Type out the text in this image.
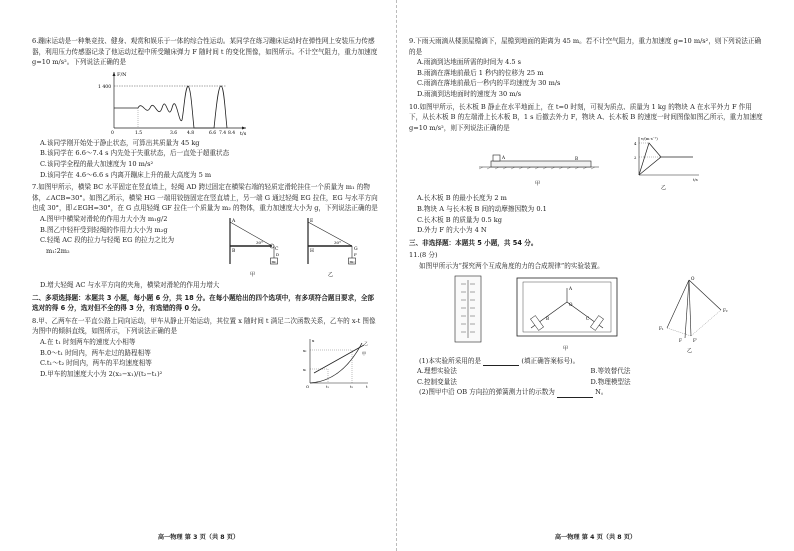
6.蹦床运动是一种集竞技、健身、观赏和娱乐于一体的综合性运动。某同学在练习蹦床运动时在弹性网上安装压力传感器，利用压力传感器记录了他运动过程中所受蹦床弹力 F 随时间 t 的变化图像，如图所示。不计空气阻力，重力加速度 g=10 m/s²。下列说法正确的是

F/N
t/s
1 400
0	1.5	3.6 4.8	6.6 7.4 8.4

A.该同学刚开始处于静止状态，可算出其质量为 45 kg

B.该同学在 6.6～7.4 s 内先处于失重状态，后一直处于超重状态

C.该同学全程的最大加速度为 10 m/s²

D.该同学在 4.6～6.6 s 内离开蹦床上升的最大高度为 5 m

7.如图甲所示，横梁 BC 水平固定在竖直墙上，轻绳 AD 跨过固定在横梁右端的轻质定滑轮挂住一个质量为 m₁ 的物体，∠ACB=30°。如图乙所示，横梁 HG 一端用铰链固定在竖直墙上，另一端 G 通过轻绳 EG 拉住，EG 与水平方向也成 30°，即∠EGH=30°，在 G 点用轻绳 GF 拉住一个质量为 m₂ 的物体，重力加速度大小为 g，下列说法正确的是

A.图甲中横梁对滑轮的作用力大小为 m₁g/2

B.图乙中轻杆受到轻绳的作用力大小为 m₂g

C.轻绳 AC 段的拉力与轻绳 EG 的拉力之比为

m₁∶2m₂

A
B	C
D
30°
m₁
甲
E
H	G
F
30°
m₂
乙

D.增大轻绳 AC 与水平方向的夹角，横梁对滑轮的作用力增大

二、多项选择题：本题共 3 小题，每小题 6 分，共 18 分。在每小题给出的四个选项中，有多项符合题目要求，全部选对的得 6 分，选对但不全的得 3 分，有选错的得 0 分。

8.甲、乙两车在一平直公路上同向运动，甲车从静止开始运动，其位置 x 随时间 t 满足二次函数关系，乙车的 x-t 图像为图中的倾斜直线，如图所示，下列说法正确的是

A.在 t₁ 时刻两车的速度大小相等

B.0～t₁ 时间内，两车走过的路程相等

C.t₁～t₂ 时间内，两车的平均速度相等

D.甲车的加速度大小为 2(x₂−x₁)/(t₂−t₁)²

x
x₂
x₁
O	t₁	t₂	t
甲
乙
高一物理 第 3 页（共 8 页）

9.下雨天雨滴从楼顶屋檐滴下，屋檐到地面的距离为 45 m。若不计空气阻力，重力加速度 g=10 m/s²，则下列说法正确的是

A.雨滴到达地面所需的时间为 4.5 s

B.雨滴在落地前最后 1 秒内的位移为 25 m

C.雨滴在落地前最后一秒内的平均速度为 30 m/s

D.雨滴到达地面时的速度为 30 m/s

10.如图甲所示，长木板 B 静止在水平地面上，在 t=0 时刻，可视为质点、质量为 1 kg 的物块 A 在水平外力 F 作用下，从长木板 B 的左端滑上长木板 B，1 s 后撤去外力 F，物块 A、长木板 B 的速度一时间图像如图乙所示，重力加速度 g=10 m/s²，则下列说法正确的是

A	B
甲
v/(m·s⁻¹)
t/s
4
2
乙

A.长木板 B 的最小长度为 2 m

B.物块 A 与长木板 B 间的动摩擦因数为 0.1

C.长木板 B 的质量为 0.5 kg

D.外力 F 的大小为 4 N

三、非选择题：本题共 5 小题，共 54 分。

11.(8 分)

如图甲所示为“探究两个互成角度的力的合成规律”的实验装置。

A
O
B	C
甲
O
F₁
F₂
F	F'
乙

(1)本实验所采用的是	(填正确答案标号)。

A.理想实验法	B.等效替代法
C.控制变量法	D.物理模型法

(2)图甲中沿 OB 方向拉的弹簧测力计的示数为	N。

高一物理 第 4 页（共 8 页）
